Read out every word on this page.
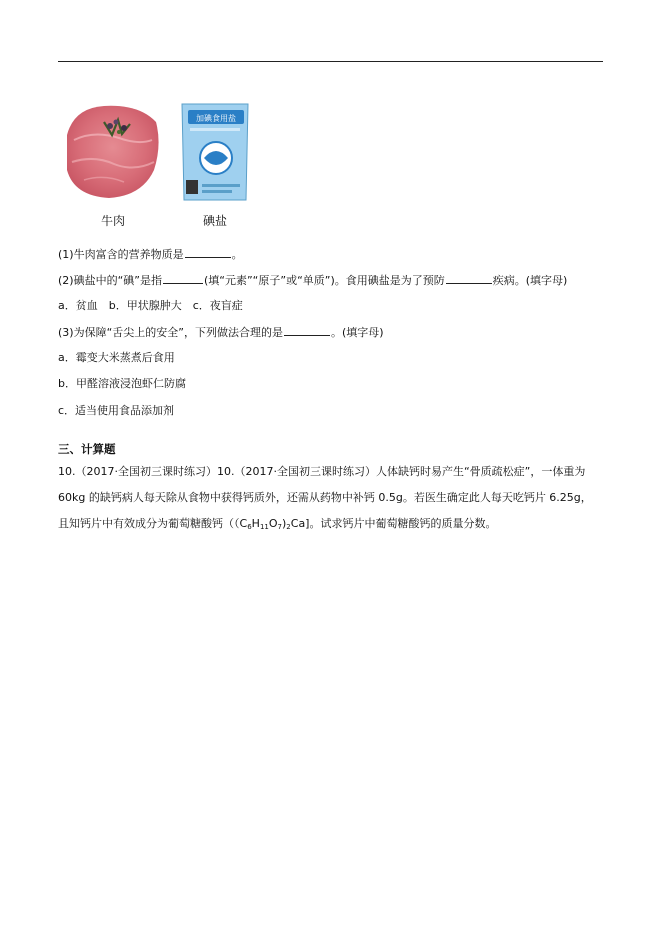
牛肉
加碘食用盐
碘盐
(1)牛肉富含的营养物质是	。
(2)碘盐中的“碘”是指	(填“元素”“原子”或“单质”)。食用碘盐是为了预防	疾病。(填字母)
a．贫血　b．甲状腺肿大　c．夜盲症
(3)为保障“舌尖上的安全”，下列做法合理的是	。(填字母)
a．霉变大米蒸煮后食用
b．甲醛溶液浸泡虾仁防腐
c．适当使用食品添加剂
三、计算题
10.（2017·全国初三课时练习）10.（2017·全国初三课时练习）人体缺钙时易产生“骨质疏松症”，一体重为
60kg 的缺钙病人每天除从食物中获得钙质外，还需从药物中补钙 0.5g。若医生确定此人每天吃钙片 6.25g，
且知钙片中有效成分为葡萄糖酸钙$((C_6H_{11}O_7)_2Ca]$。试求钙片中葡萄糖酸钙的质量分数。
